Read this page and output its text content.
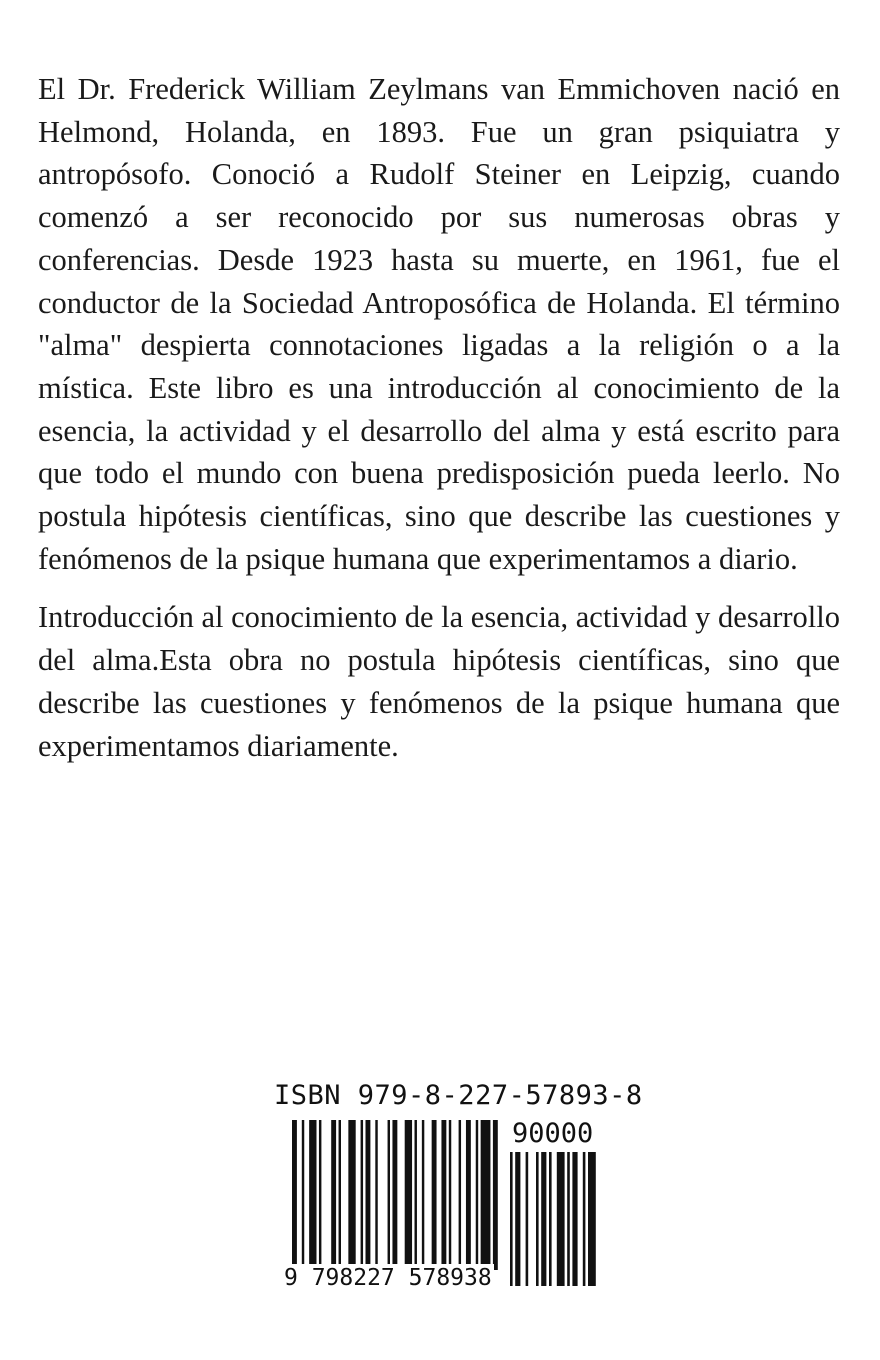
El Dr. Frederick William Zeylmans van Emmichoven nació en Helmond, Holanda, en 1893. Fue un gran psiquiatra y antropósofo. Conoció a Rudolf Steiner en Leipzig, cuando comenzó a ser reconocido por sus numerosas obras y conferencias. Desde 1923 hasta su muerte, en 1961, fue el conductor de la Sociedad Antroposófica de Holanda. El término "alma" despierta connotaciones ligadas a la religión o a la mística. Este libro es una introducción al conocimiento de la esencia, la actividad y el desarrollo del alma y está escrito para que todo el mundo con buena predisposición pueda leerlo. No postula hipótesis científicas, sino que describe las cuestiones y fenómenos de la psique humana que experimentamos a diario.

Introducción al conocimiento de la esencia, actividad y desarrollo del alma.Esta obra no postula hipótesis científicas, sino que describe las cuestiones y fenómenos de la psique humana que experimentamos diariamente.

ISBN 979-8-227-57893-8
90000
9 798227 578938
